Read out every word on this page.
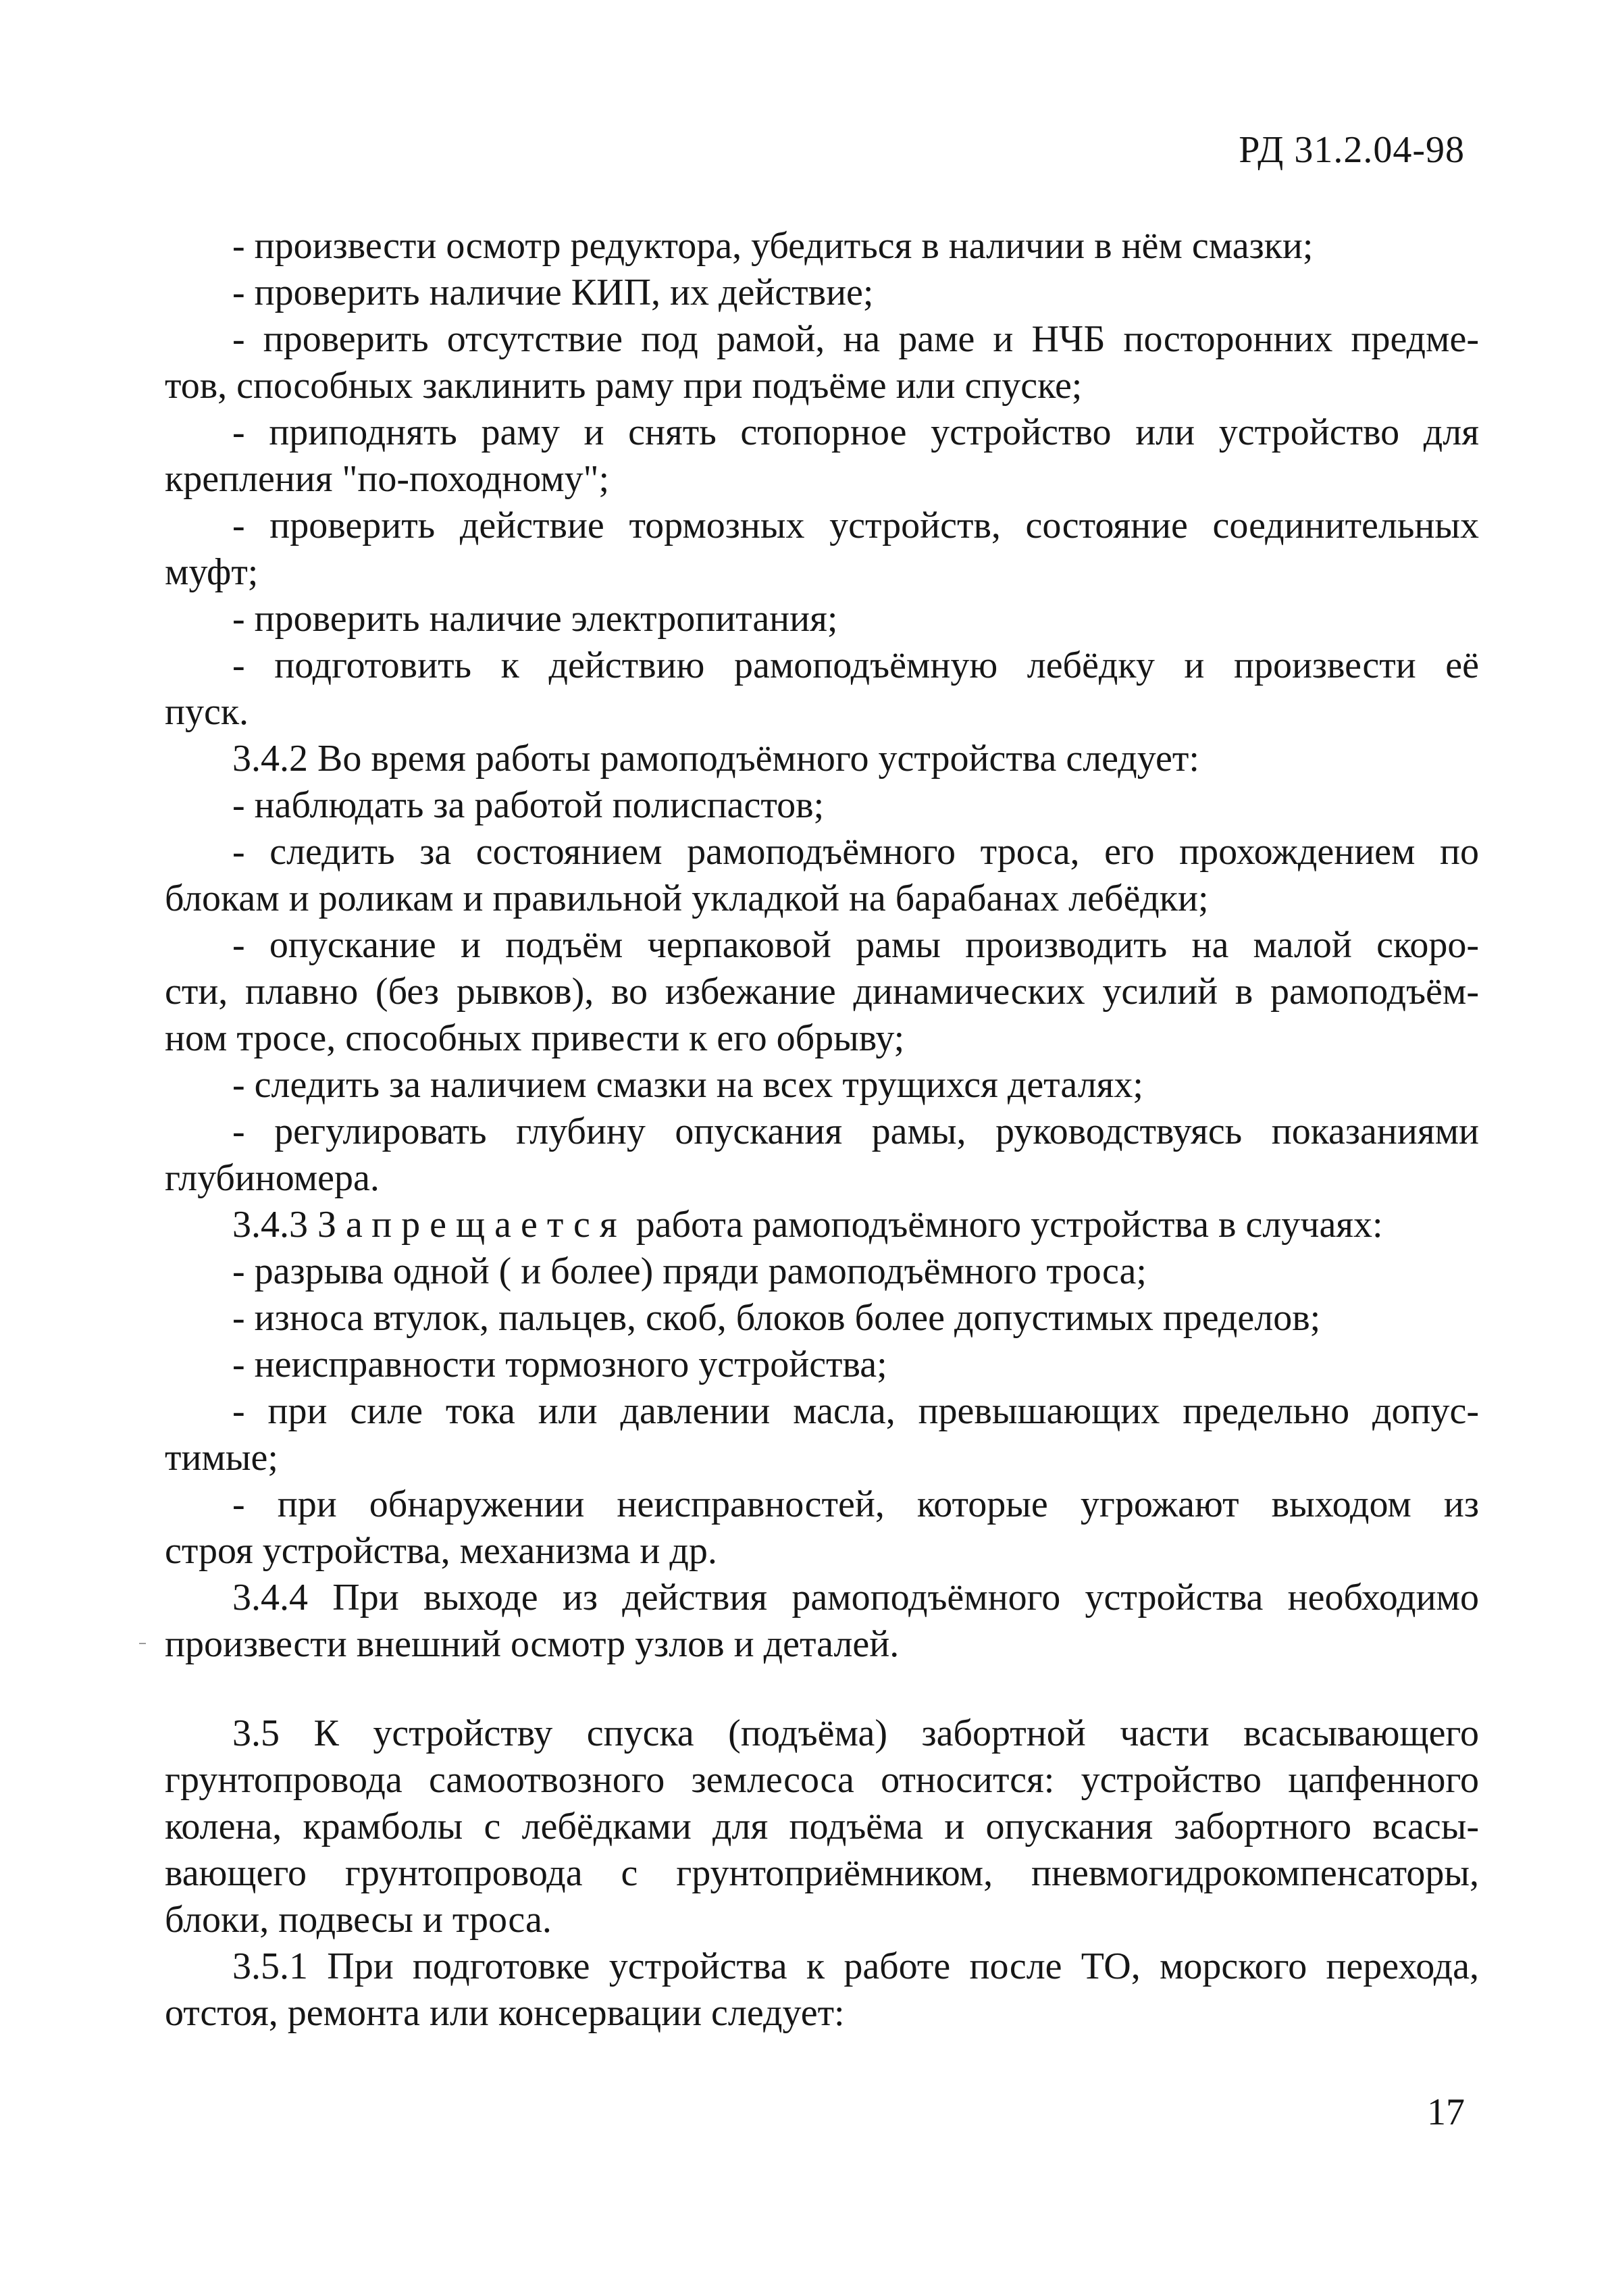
РД 31.2.04-98
- произвести осмотр редуктора, убедиться в наличии в нём смазки;
- проверить наличие КИП, их действие;
- проверить отсутствие под рамой, на раме и НЧБ посторонних предме-
тов, способных заклинить раму при подъёме или спуске;
- приподнять раму и снять стопорное устройство или устройство для
крепления "по-походному";
- проверить действие тормозных устройств, состояние соединительных
муфт;
- проверить наличие электропитания;
- подготовить к действию рамоподъёмную лебёдку и произвести её
пуск.
3.4.2 Во время работы рамоподъёмного устройства следует:
- наблюдать за работой полиспастов;
- следить за состоянием рамоподъёмного троса, его прохождением по
блокам и роликам и правильной укладкой на барабанах лебёдки;
- опускание и подъём черпаковой рамы производить на малой скоро-
сти, плавно (без рывков), во избежание динамических усилий в рамоподъём-
ном тросе, способных привести к его обрыву;
- следить за наличием смазки на всех трущихся деталях;
- регулировать глубину опускания рамы, руководствуясь показаниями
глубиномера.
3.4.3 Запрещается работа рамоподъёмного устройства в случаях:
- разрыва одной ( и более) пряди рамоподъёмного троса;
- износа втулок, пальцев, скоб, блоков более допустимых пределов;
- неисправности тормозного устройства;
- при силе тока или давлении масла, превышающих предельно допус-
тимые;
- при обнаружении неисправностей, которые угрожают выходом из
строя устройства, механизма и др.
3.4.4 При выходе из действия рамоподъёмного устройства необходимо
произвести внешний осмотр узлов и деталей.
3.5 К устройству спуска (подъёма) забортной части всасывающего
грунтопровода самоотвозного землесоса относится: устройство цапфенного
колена, крамболы с лебёдками для подъёма и опускания забортного всасы-
вающего грунтопровода с грунтоприёмником, пневмогидрокомпенсаторы,
блоки, подвесы и троса.
3.5.1 При подготовке устройства к работе после ТО, морского перехода,
отстоя, ремонта или консервации следует:
17
